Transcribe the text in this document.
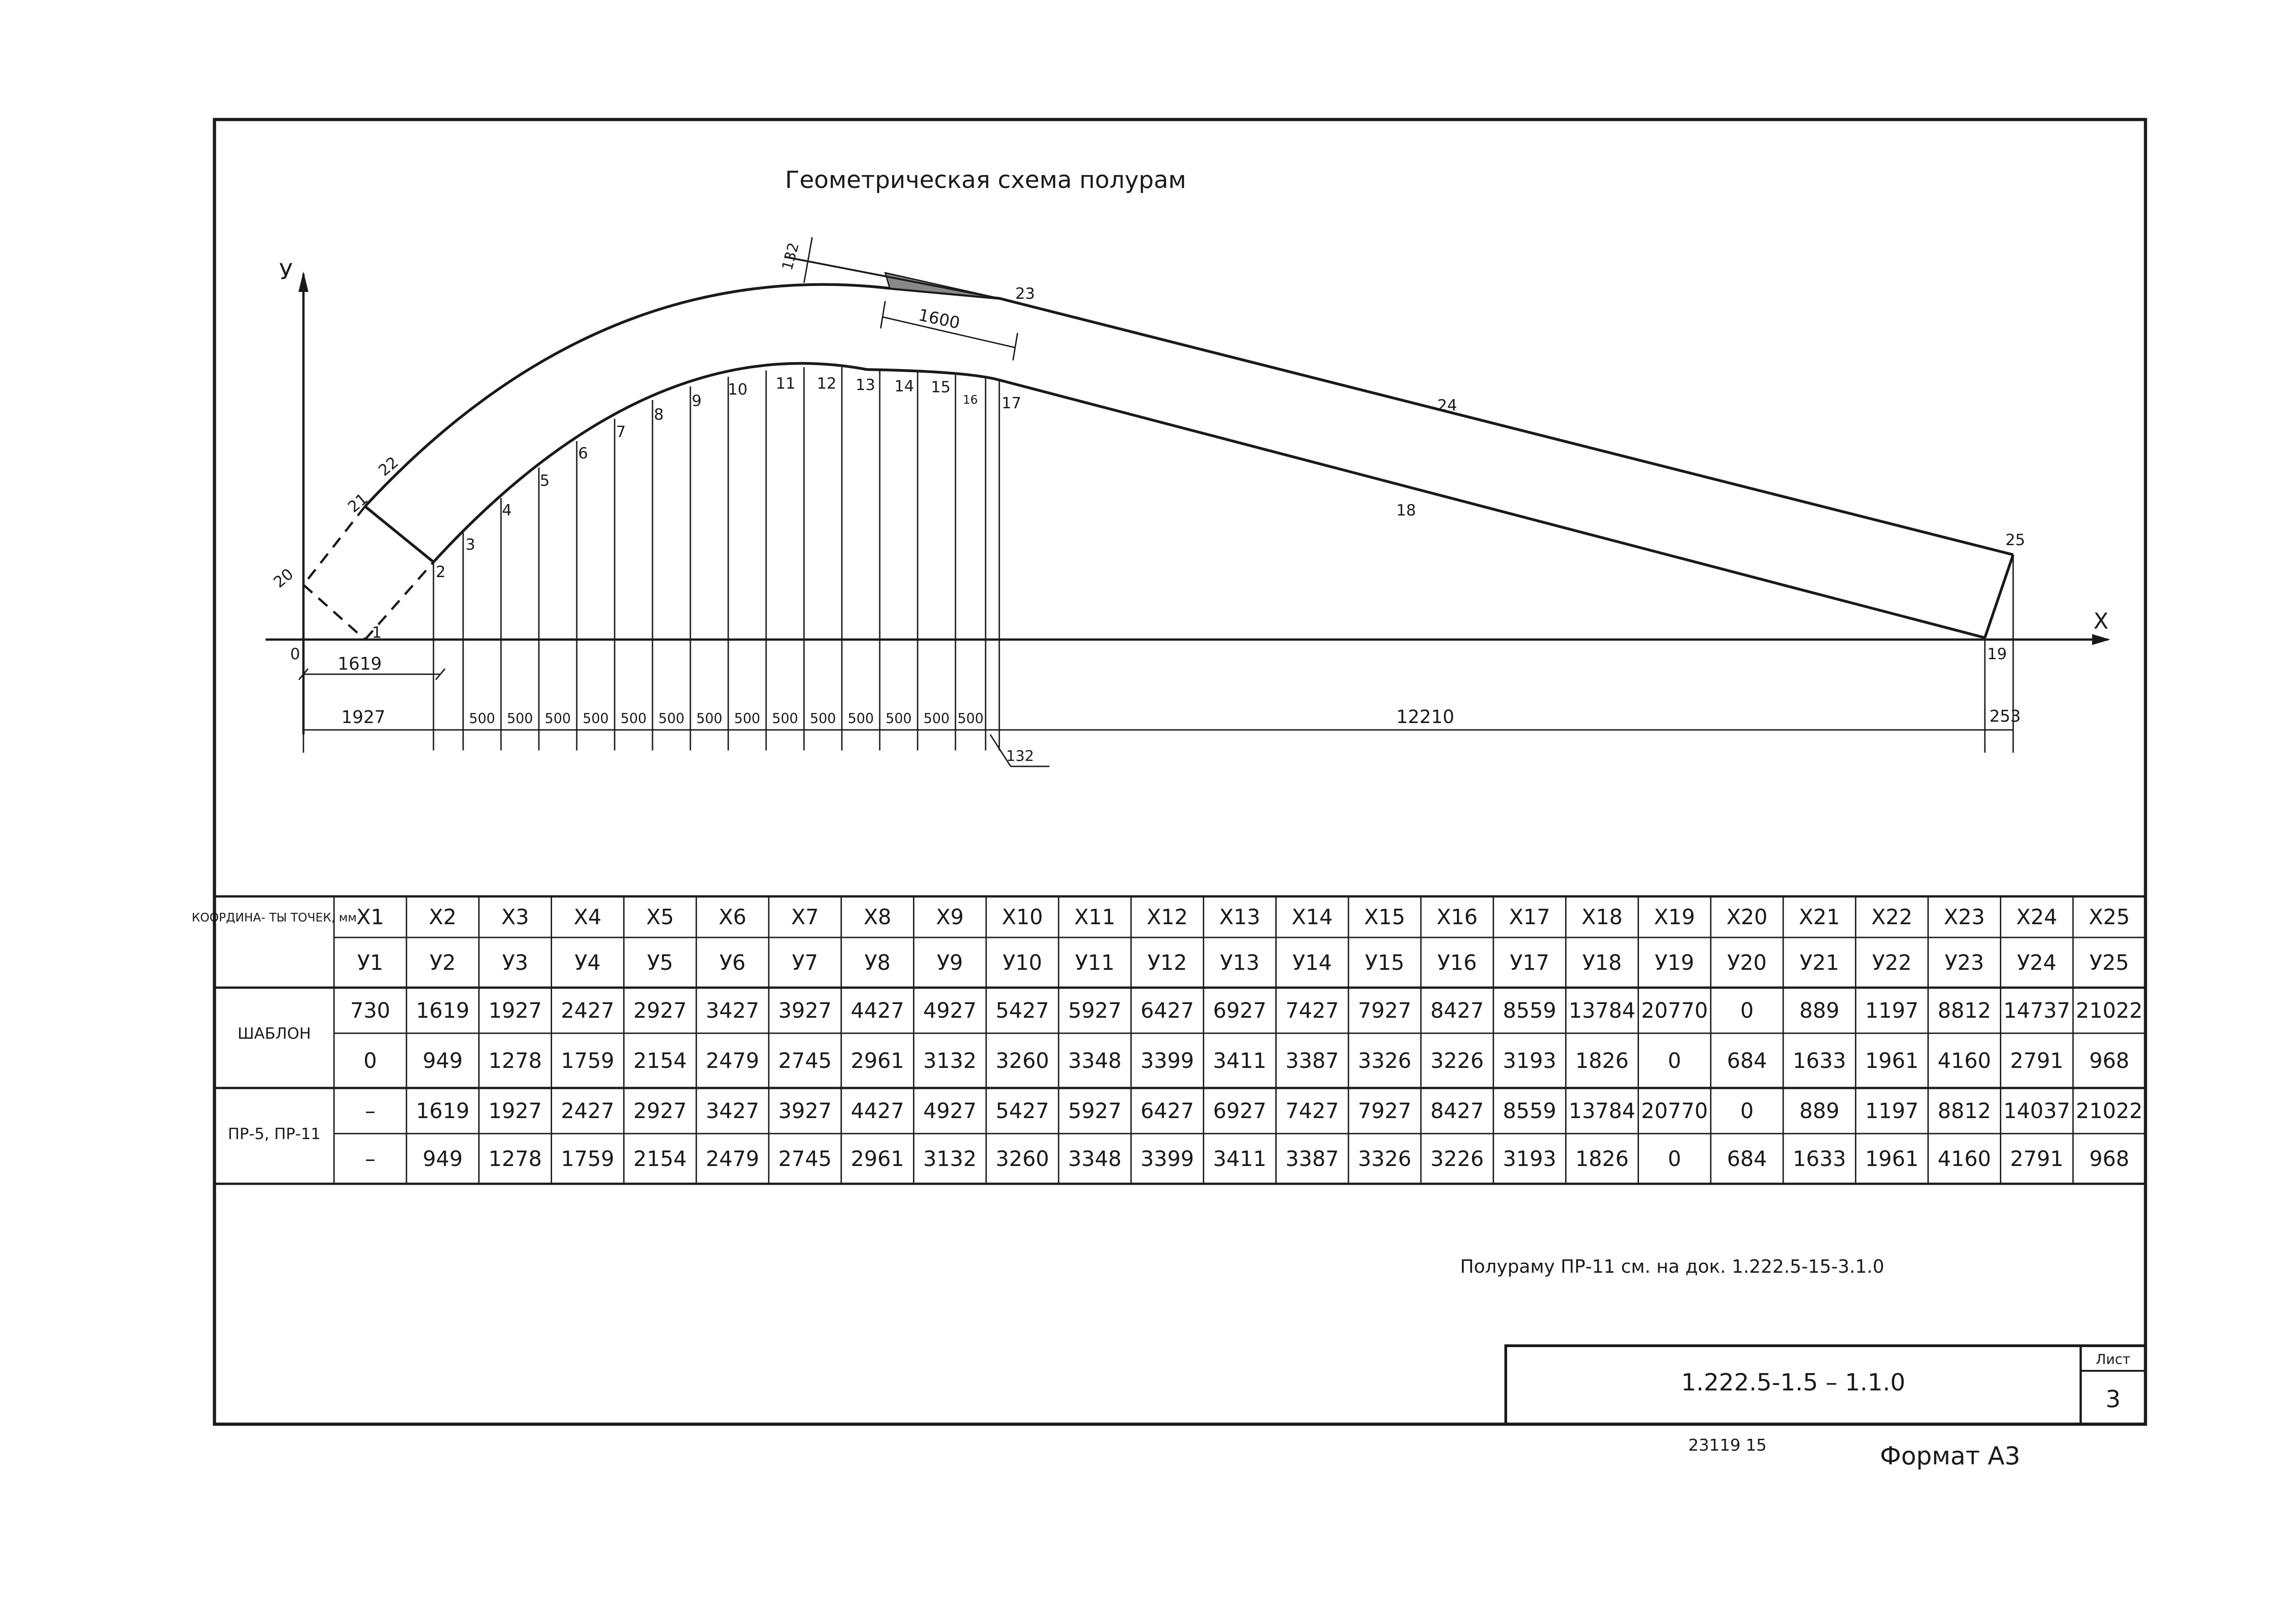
Геометрическая схема полурам
X
У
0
1
2
3
4
5
6
7
8
9
10 11 12 13 14 15
16 17
18
19
20
21
22
23
24
25
132
1600
1619
1927	500 500 500 500 500 500 500 500 500 500 500 500 500 500	12210	253
132
КООРДИНА- ТЫ ТОЧЕК, мм X1 X2 X3 X4 X5 X6 X7 X8 X9 X10 X11 X12 X13 X14 X15 X16 X17 X18 X19 X20 X21 X22 X23 X24 X25
У1 У2 У3 У4 У5 У6 У7 У8 У9 У10 У11 У12 У13 У14 У15 У16 У17 У18 У19 У20 У21 У22 У23 У24 У25
ШАБЛОН
730 1619 1927 2427 2927 3427 3927 4427 4927 5427 5927 6427 6927 7427 7927 8427 8559 13784 20770 0 889 1197 8812 14737 21022
0 949 1278 1759 2154 2479 2745 2961 3132 3260 3348 3399 3411 3387 3326 3226 3193 1826 0 684 1633 1961 4160 2791 968
ПР-5, ПР-11
– 1619 1927 2427 2927 3427 3927 4427 4927 5427 5927 6427 6927 7427 7927 8427 8559 13784 20770 0 889 1197 8812 14037 21022
– 949 1278 1759 2154 2479 2745 2961 3132 3260 3348 3399 3411 3387 3326 3226 3193 1826 0 684 1633 1961 4160 2791 968
Полураму ПР-11 см. на док. 1.222.5-15-3.1.0
1.222.5-1.5 – 1.1.0
Лист
3
23119 15	Формат А3
